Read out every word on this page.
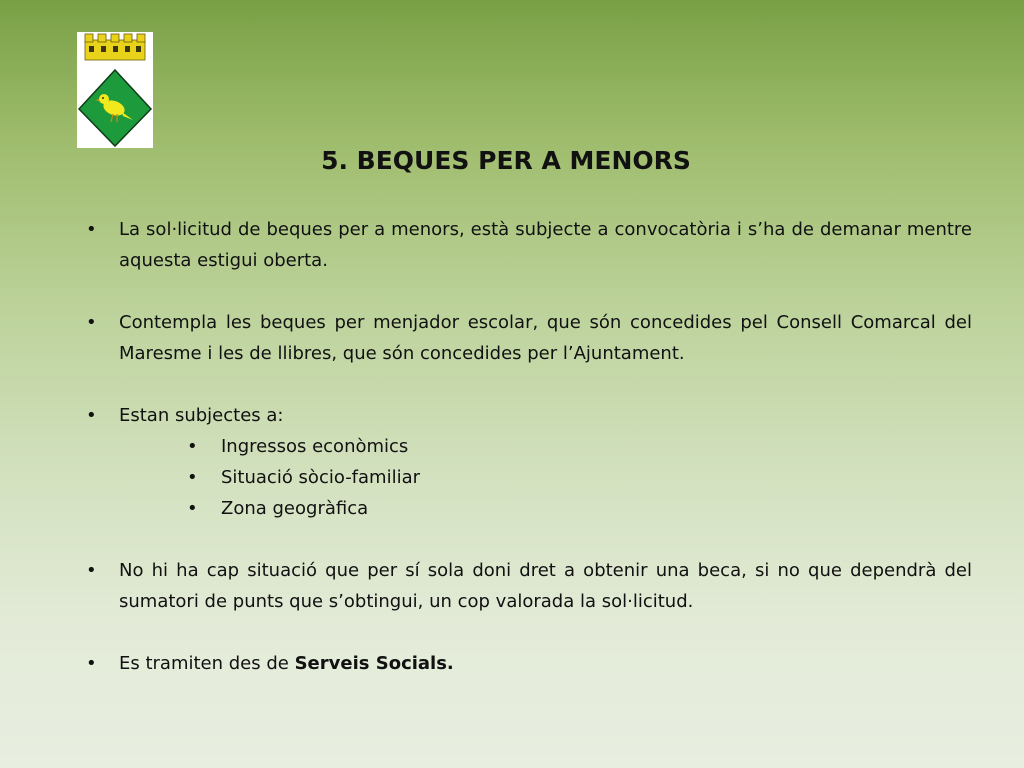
5. BEQUES PER A MENORS
• La sol·licitud de beques per a menors, està subjecte a convocatòria i s’ha de demanar mentre aquesta estigui oberta.
• Contempla les beques per menjador escolar, que són concedides pel Consell Comarcal del Maresme i les de llibres, que són concedides per l’Ajuntament.
• Estan subjectes a:
• Ingressos econòmics
• Situació sòcio-familiar
• Zona geogràfica
• No hi ha cap situació que per sí sola doni dret a obtenir una beca, si no que dependrà del sumatori de punts que s’obtingui, un cop valorada la sol·licitud.
• Es tramiten des de Serveis Socials.
